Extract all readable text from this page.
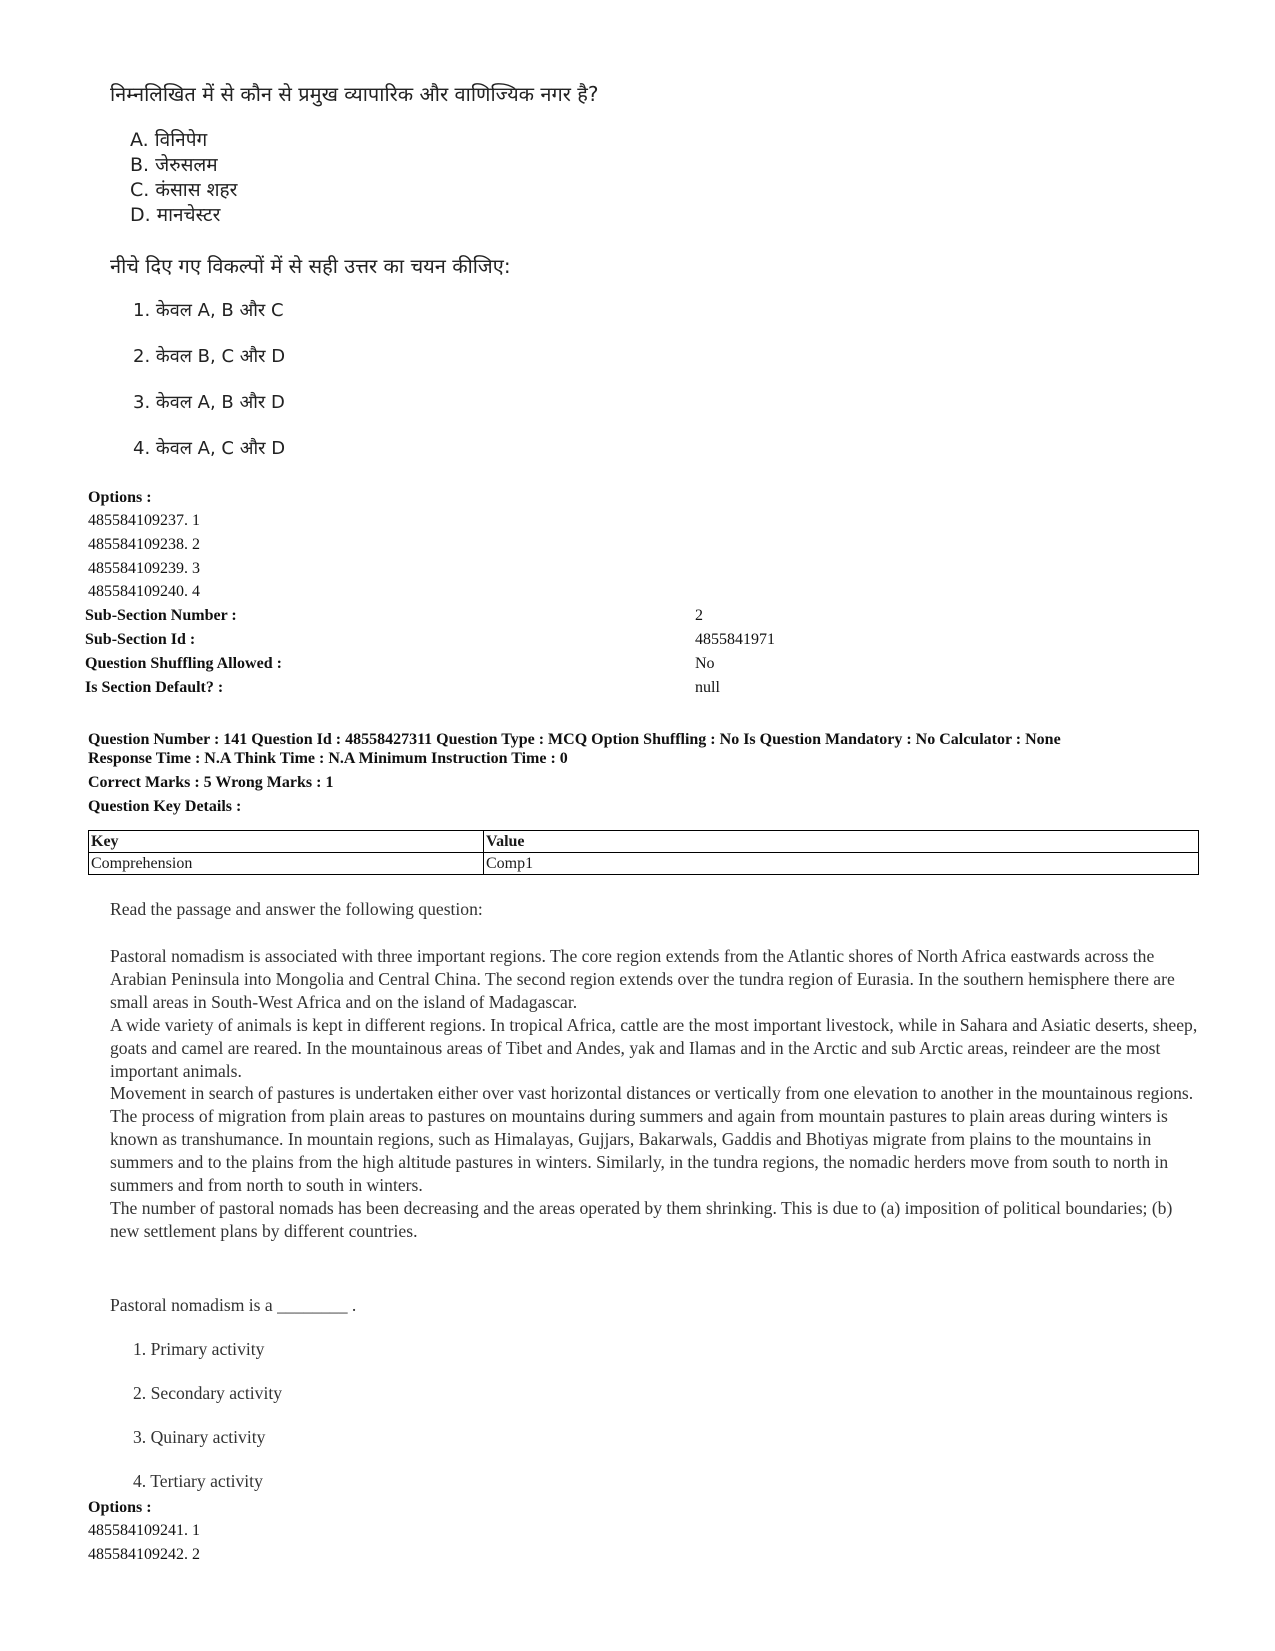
निम्नलिखित में से कौन से प्रमुख व्यापारिक और वाणिज्यिक नगर है?
A. विनिपेग
B. जेरुसलम
C. कंसास शहर
D. मानचेस्टर
नीचे दिए गए विकल्पों में से सही उत्तर का चयन कीजिए:
1. केवल A, B और C
2. केवल B, C और D
3. केवल A, B और D
4. केवल A, C और D
Options :
485584109237. 1
485584109238. 2
485584109239. 3
485584109240. 4
Sub-Section Number :	2
Sub-Section Id :	4855841971
Question Shuffling Allowed :	No
Is Section Default? :	null
Question Number : 141 Question Id : 48558427311 Question Type : MCQ Option Shuffling : No Is Question Mandatory : No Calculator : None
Response Time : N.A Think Time : N.A Minimum Instruction Time : 0
Correct Marks : 5 Wrong Marks : 1
Question Key Details :
Key	Value
Comprehension	Comp1
Read the passage and answer the following question:

Pastoral nomadism is associated with three important regions. The core region extends from the Atlantic shores of North Africa eastwards across the Arabian Peninsula into Mongolia and Central China. The second region extends over the tundra region of Eurasia. In the southern hemisphere there are small areas in South-West Africa and on the island of Madagascar.

A wide variety of animals is kept in different regions. In tropical Africa, cattle are the most important livestock, while in Sahara and Asiatic deserts, sheep, goats and camel are reared. In the mountainous areas of Tibet and Andes, yak and Ilamas and in the Arctic and sub Arctic areas, reindeer are the most important animals.

Movement in search of pastures is undertaken either over vast horizontal distances or vertically from one elevation to another in the mountainous regions. The process of migration from plain areas to pastures on mountains during summers and again from mountain pastures to plain areas during winters is known as transhumance. In mountain regions, such as Himalayas, Gujjars, Bakarwals, Gaddis and Bhotiyas migrate from plains to the mountains in summers and to the plains from the high altitude pastures in winters. Similarly, in the tundra regions, the nomadic herders move from south to north in summers and from north to south in winters.

The number of pastoral nomads has been decreasing and the areas operated by them shrinking. This is due to (a) imposition of political boundaries; (b) new settlement plans by different countries.

Pastoral nomadism is a ________ .
1. Primary activity
2. Secondary activity
3. Quinary activity
4. Tertiary activity
Options :
485584109241. 1
485584109242. 2
